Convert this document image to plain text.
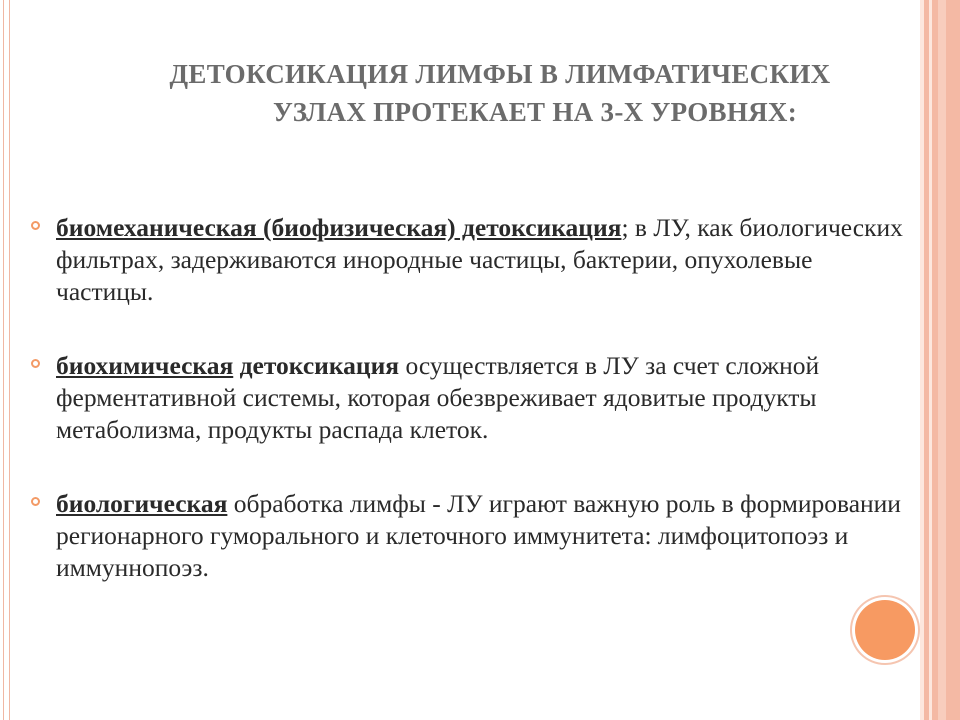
ДЕТОКСИКАЦИЯ ЛИМФЫ В ЛИМФАТИЧЕСКИХ
УЗЛАХ ПРОТЕКАЕТ НА 3-Х УРОВНЯХ:

биомеханическая (биофизическая) детоксикация; в ЛУ, как биологических фильтрах, задерживаются инородные частицы, бактерии, опухолевые частицы.

биохимическая детоксикация осуществляется в ЛУ за счет сложной ферментативной системы, которая обезвреживает ядовитые продукты метаболизма, продукты распада клеток.

биологическая обработка лимфы - ЛУ играют важную роль в формировании регионарного гуморального и клеточного иммунитета: лимфоцитопоэз и иммуннопоэз.
